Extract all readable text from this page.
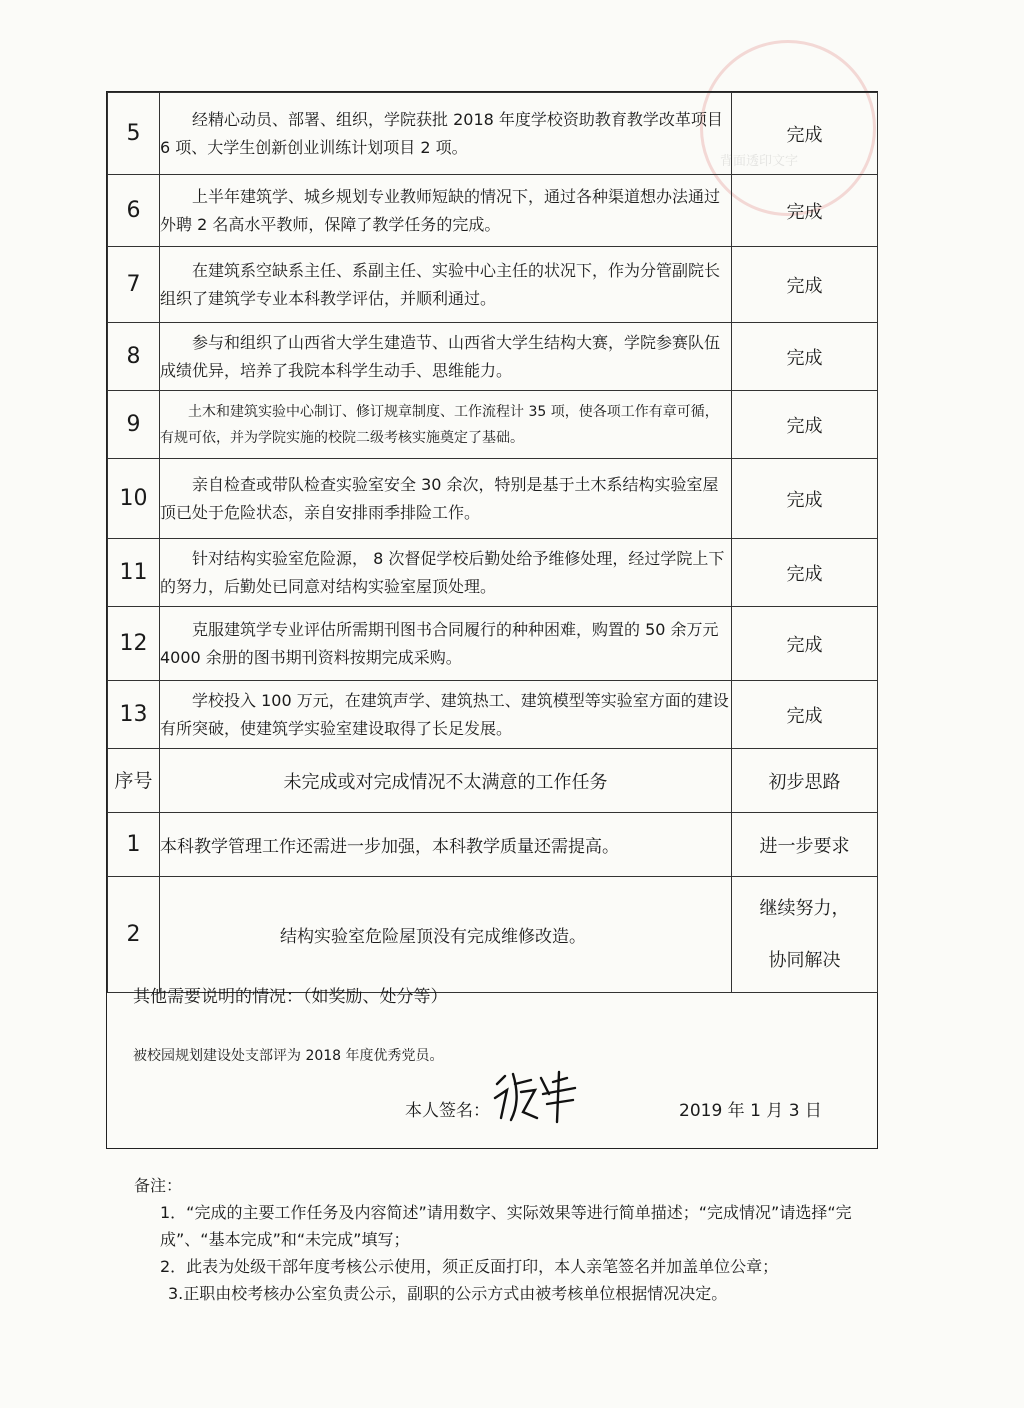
背面透印文字
5	经精心动员、部署、组织，学院获批 2018 年度学校资助教育教学改革项目 6 项、大学生创新创业训练计划项目 2 项。	完成
6	上半年建筑学、城乡规划专业教师短缺的情况下，通过各种渠道想办法通过外聘 2 名高水平教师，保障了教学任务的完成。	完成
7	在建筑系空缺系主任、系副主任、实验中心主任的状况下，作为分管副院长组织了建筑学专业本科教学评估，并顺利通过。	完成
8	参与和组织了山西省大学生建造节、山西省大学生结构大赛，学院参赛队伍成绩优异，培养了我院本科学生动手、思维能力。	完成
9	土木和建筑实验中心制订、修订规章制度、工作流程计 35 项，使各项工作有章可循，有规可依，并为学院实施的校院二级考核实施奠定了基础。	完成
10	亲自检查或带队检查实验室安全 30 余次，特别是基于土木系结构实验室屋顶已处于危险状态，亲自安排雨季排险工作。	完成
11	针对结构实验室危险源， 8 次督促学校后勤处给予维修处理，经过学院上下的努力，后勤处已同意对结构实验室屋顶处理。	完成
12	克服建筑学专业评估所需期刊图书合同履行的种种困难，购置的 50 余万元 4000 余册的图书期刊资料按期完成采购。	完成
13	学校投入 100 万元，在建筑声学、建筑热工、建筑模型等实验室方面的建设有所突破，使建筑学实验室建设取得了长足发展。	完成
序号	未完成或对完成情况不太满意的工作任务	初步思路
1	本科教学管理工作还需进一步加强，本科教学质量还需提高。	进一步要求
2	结构实验室危险屋顶没有完成维修改造。	继续努力，
协同解决
其他需要说明的情况：（如奖励、处分等）
被校园规划建设处支部评为 2018 年度优秀党员。
本人签名：	2019 年 1 月 3 日

备注：

1．“完成的主要工作任务及内容简述”请用数字、实际效果等进行简单描述；“完成情况”请选择“完成”、“基本完成”和“未完成”填写；

2．此表为处级干部年度考核公示使用，须正反面打印，本人亲笔签名并加盖单位公章；

3.正职由校考核办公室负责公示，副职的公示方式由被考核单位根据情况决定。
